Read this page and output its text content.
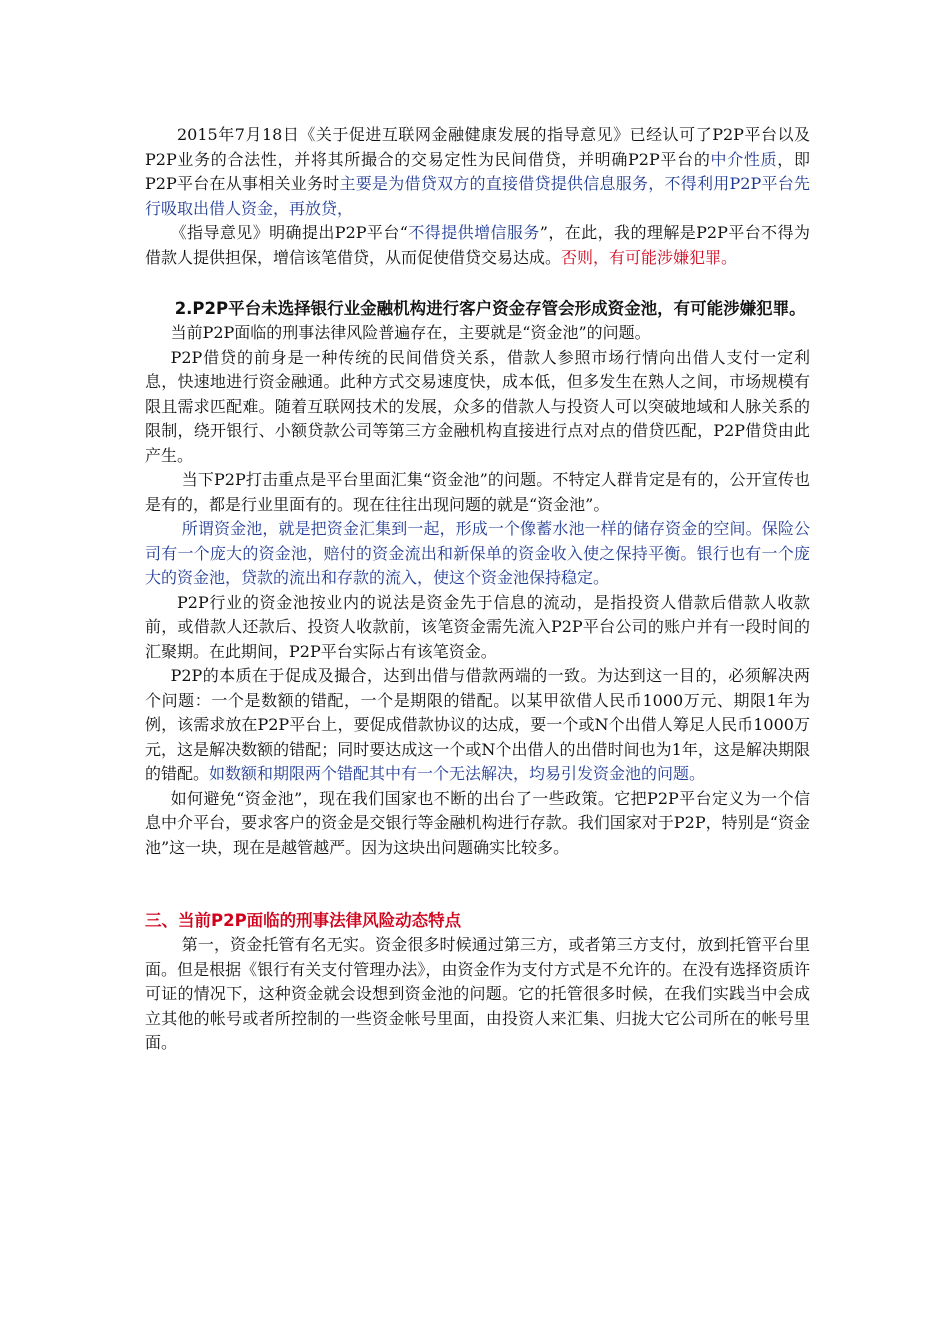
2015年7月18日《关于促进互联网金融健康发展的指导意见》已经认可了P2P平台以及P2P业务的合法性，并将其所撮合的交易定性为民间借贷，并明确P2P平台的中介性质，即P2P平台在从事相关业务时主要是为借贷双方的直接借贷提供信息服务，不得利用P2P平台先行吸取出借人资金，再放贷，

《指导意见》明确提出P2P平台“不得提供增信服务”，在此，我的理解是P2P平台不得为借款人提供担保，增信该笔借贷，从而促使借贷交易达成。否则，有可能涉嫌犯罪。

2.P2P平台未选择银行业金融机构进行客户资金存管会形成资金池，有可能涉嫌犯罪。

当前P2P面临的刑事法律风险普遍存在，主要就是“资金池”的问题。

P2P借贷的前身是一种传统的民间借贷关系，借款人参照市场行情向出借人支付一定利息，快速地进行资金融通。此种方式交易速度快，成本低，但多发生在熟人之间，市场规模有限且需求匹配难。随着互联网技术的发展，众多的借款人与投资人可以突破地域和人脉关系的限制，绕开银行、小额贷款公司等第三方金融机构直接进行点对点的借贷匹配，P2P借贷由此产生。

当下P2P打击重点是平台里面汇集“资金池”的问题。不特定人群肯定是有的，公开宣传也是有的，都是行业里面有的。现在往往出现问题的就是“资金池”。

所谓资金池，就是把资金汇集到一起，形成一个像蓄水池一样的储存资金的空间。保险公司有一个庞大的资金池，赔付的资金流出和新保单的资金收入使之保持平衡。银行也有一个庞大的资金池，贷款的流出和存款的流入，使这个资金池保持稳定。

P2P行业的资金池按业内的说法是资金先于信息的流动，是指投资人借款后借款人收款前，或借款人还款后、投资人收款前，该笔资金需先流入P2P平台公司的账户并有一段时间的汇聚期。在此期间，P2P平台实际占有该笔资金。

P2P的本质在于促成及撮合，达到出借与借款两端的一致。为达到这一目的，必须解决两个问题：一个是数额的错配，一个是期限的错配。以某甲欲借人民币1000万元、期限1年为例，该需求放在P2P平台上，要促成借款协议的达成，要一个或N个出借人筹足人民币1000万元，这是解决数额的错配；同时要达成这一个或N个出借人的出借时间也为1年，这是解决期限的错配。如数额和期限两个错配其中有一个无法解决，均易引发资金池的问题。

如何避免“资金池”，现在我们国家也不断的出台了一些政策。它把P2P平台定义为一个信息中介平台，要求客户的资金是交银行等金融机构进行存款。我们国家对于P2P，特别是“资金池”这一块，现在是越管越严。因为这块出问题确实比较多。

三、当前P2P面临的刑事法律风险动态特点

第一，资金托管有名无实。资金很多时候通过第三方，或者第三方支付，放到托管平台里面。但是根据《银行有关支付管理办法》，由资金作为支付方式是不允许的。在没有选择资质许可证的情况下，这种资金就会设想到资金池的问题。它的托管很多时候，在我们实践当中会成立其他的帐号或者所控制的一些资金帐号里面，由投资人来汇集、归拢大它公司所在的帐号里面。
